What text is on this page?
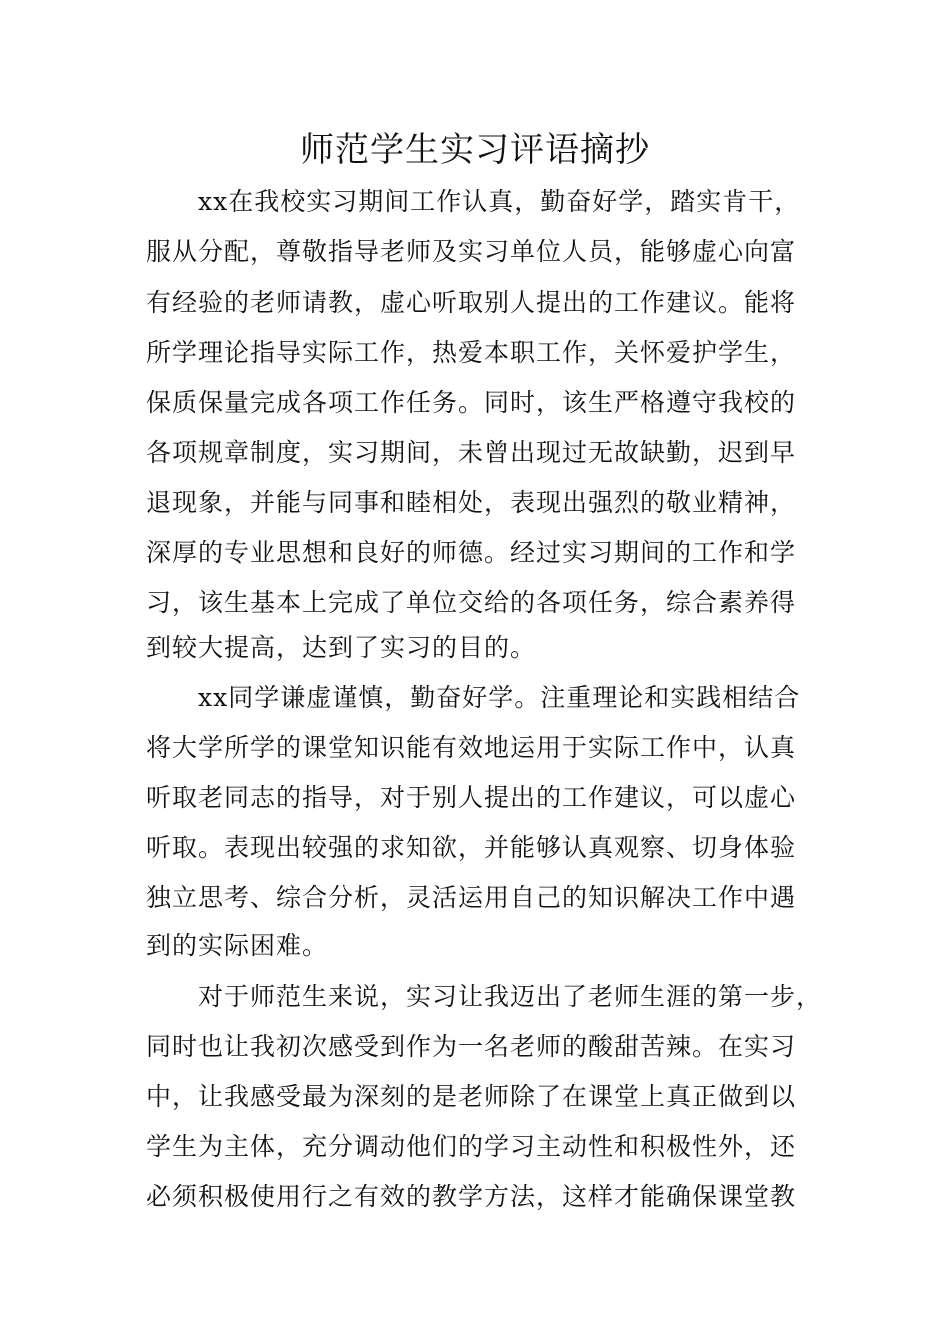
师范学生实习评语摘抄
xx在我校实习期间工作认真，勤奋好学，踏实肯干，
服从分配，尊敬指导老师及实习单位人员，能够虚心向富
有经验的老师请教，虚心听取别人提出的工作建议。能将
所学理论指导实际工作，热爱本职工作，关怀爱护学生，
保质保量完成各项工作任务。同时，该生严格遵守我校的
各项规章制度，实习期间，未曾出现过无故缺勤，迟到早
退现象，并能与同事和睦相处，表现出强烈的敬业精神，
深厚的专业思想和良好的师德。经过实习期间的工作和学
习，该生基本上完成了单位交给的各项任务，综合素养得
到较大提高，达到了实习的目的。
xx同学谦虚谨慎，勤奋好学。注重理论和实践相结合
将大学所学的课堂知识能有效地运用于实际工作中，认真
听取老同志的指导，对于别人提出的工作建议，可以虚心
听取。表现出较强的求知欲，并能够认真观察、切身体验
独立思考、综合分析，灵活运用自己的知识解决工作中遇
到的实际困难。
对于师范生来说，实习让我迈出了老师生涯的第一步，
同时也让我初次感受到作为一名老师的酸甜苦辣。在实习
中，让我感受最为深刻的是老师除了在课堂上真正做到以
学生为主体，充分调动他们的学习主动性和积极性外，还
必须积极使用行之有效的教学方法，这样才能确保课堂教
